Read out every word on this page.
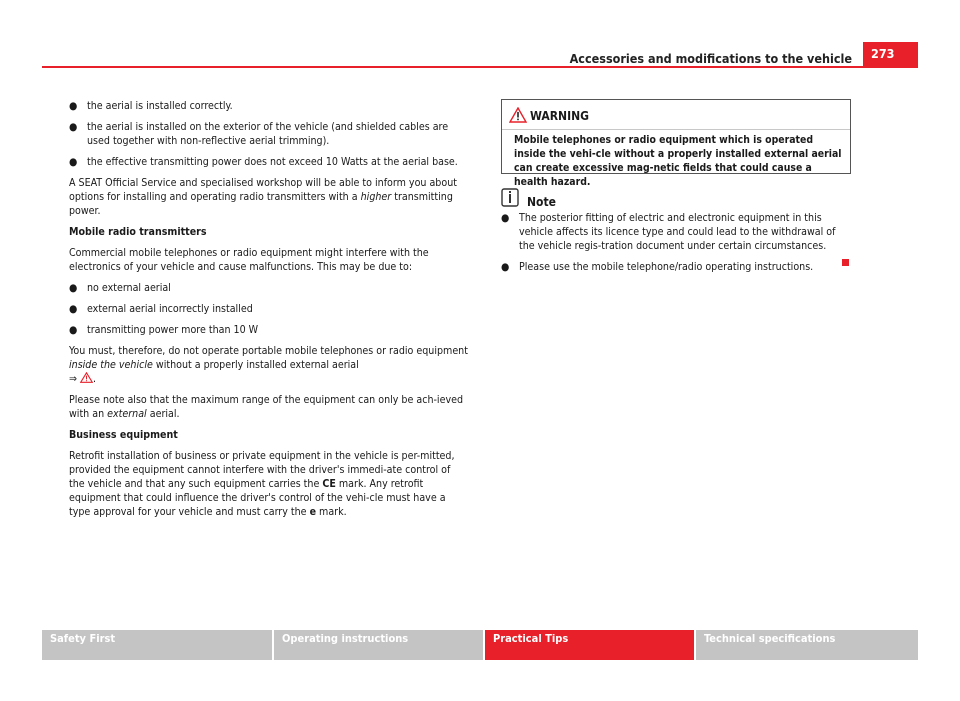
Accessories and modifications to the vehicle	273
● the aerial is installed correctly.
● the aerial is installed on the exterior of the vehicle (and shielded cables are used together with non-reflective aerial trimming).
● the effective transmitting power does not exceed 10 Watts at the aerial base.

A SEAT Official Service and specialised workshop will be able to inform you about options for installing and operating radio transmitters with a higher transmitting power.

Mobile radio transmitters

Commercial mobile telephones or radio equipment might interfere with the electronics of your vehicle and cause malfunctions. This may be due to:

● no external aerial
● external aerial incorrectly installed
● transmitting power more than 10 W

You must, therefore, do not operate portable mobile telephones or radio equipment inside the vehicle without a properly installed external aerial
⇒ .

Please note also that the maximum range of the equipment can only be ach-ieved with an external aerial.

Business equipment

Retrofit installation of business or private equipment in the vehicle is per-mitted, provided the equipment cannot interfere with the driver's immedi-ate control of the vehicle and that any such equipment carries the CE mark. Any retrofit equipment that could influence the driver's control of the vehi-cle must have a type approval for your vehicle and must carry the e mark.

WARNING
Mobile telephones or radio equipment which is operated inside the vehi-cle without a properly installed external aerial can create excessive mag-netic fields that could cause a health hazard.
Note
● The posterior fitting of electric and electronic equipment in this vehicle affects its licence type and could lead to the withdrawal of the vehicle regis-tration document under certain circumstances.
● Please use the mobile telephone/radio operating instructions.
Safety First	Operating instructions	Practical Tips	Technical specifications
